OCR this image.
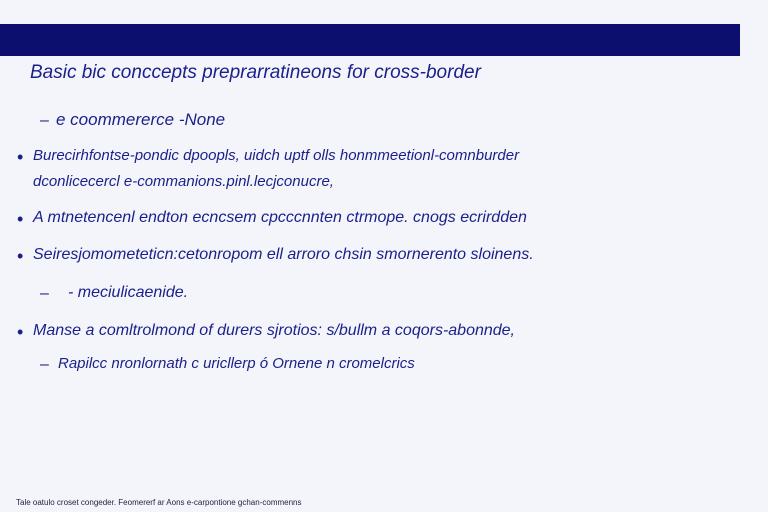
Basic bic conccepts preprarratineons for cross-border
– e coommererce -None
• Burecirhfontse-pondic dpoopls, uidch uptf olls honmmeetionl-comnburder
dconlicecercl e-commanions.pinl.lecjconucre,
• A mtnetencenl endton ecncsem cpcccnnten ctrmope. cnogs ecrirdden
• Seiresjomometeticn:cetonropom ell arroro chsin smornerento sloinens.
– - meciulicaenide.
• Manse a comltrolmond of durers sjrotios: s/bullm a coqors-abonnde,
– Rapilcc nronlornath c uricllerp ó Ornene n cromelcrics
Tale oatulo croset congeder. Feomererf ar Aons e-carpontione gchan-commenns
